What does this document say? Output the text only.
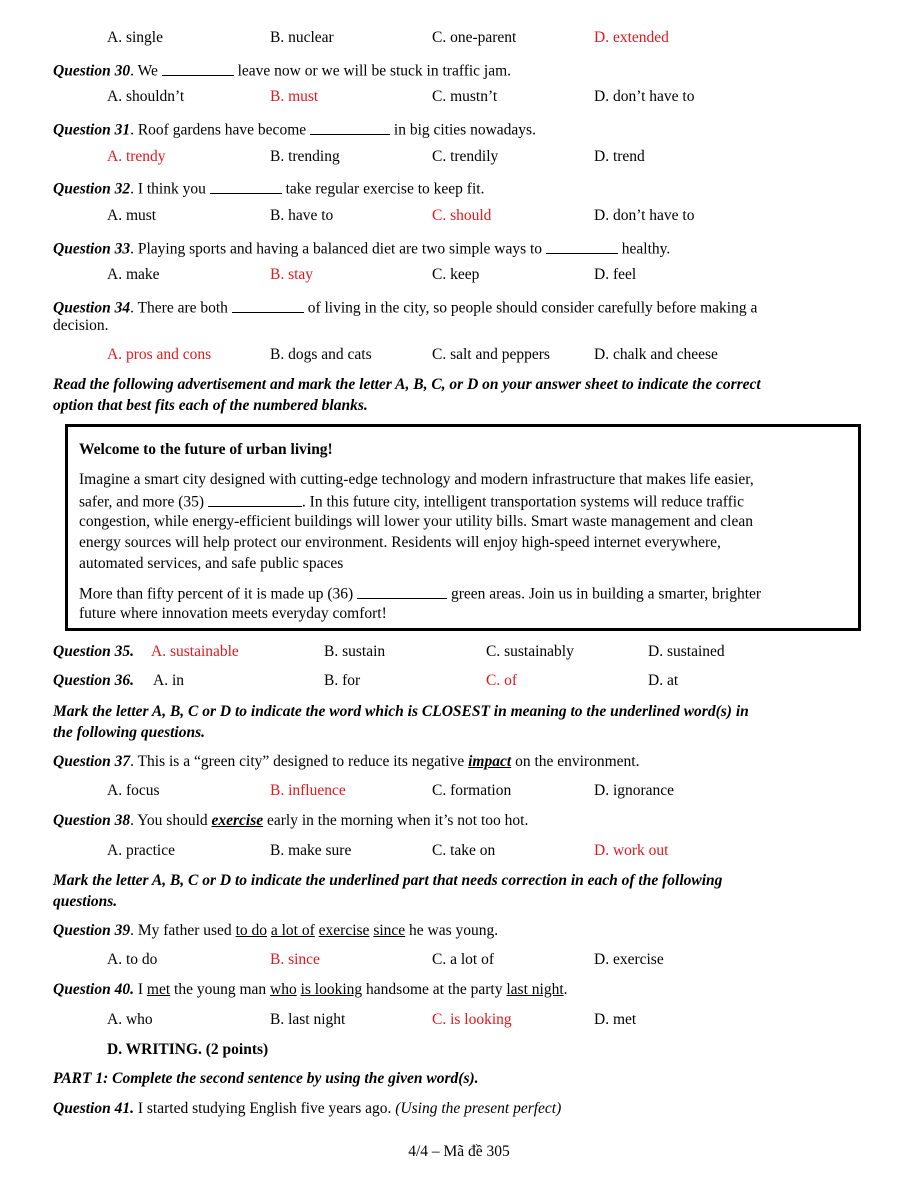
A. single	B. nuclear	C. one-parent	D. extended
Question 30. We	leave now or we will be stuck in traffic jam.
A. shouldn’t	B. must	C. mustn’t	D. don’t have to
Question 31. Roof gardens have become	in big cities nowadays.
A. trendy	B. trending	C. trendily	D. trend
Question 32. I think you	take regular exercise to keep fit.
A. must	B. have to	C. should	D. don’t have to
Question 33. Playing sports and having a balanced diet are two simple ways to	healthy.
A. make	B. stay	C. keep	D. feel
Question 34. There are both	of living in the city, so people should consider carefully before making a
decision.
A. pros and cons	B. dogs and cats	C. salt and peppers	D. chalk and cheese
Read the following advertisement and mark the letter A, B, C, or D on your answer sheet to indicate the correct
option that best fits each of the numbered blanks.
Welcome to the future of urban living!
Imagine a smart city designed with cutting-edge technology and modern infrastructure that makes life easier,
safer, and more (35)	. In this future city, intelligent transportation systems will reduce traffic
congestion, while energy-efficient buildings will lower your utility bills. Smart waste management and clean
energy sources will help protect our environment. Residents will enjoy high-speed internet everywhere,
automated services, and safe public spaces
More than fifty percent of it is made up (36)	green areas. Join us in building a smarter, brighter
future where innovation meets everyday comfort!
Question 35. A. sustainable	B. sustain	C. sustainably	D. sustained
Question 36. A. in	B. for	C. of	D. at
Mark the letter A, B, C or D to indicate the word which is CLOSEST in meaning to the underlined word(s) in
the following questions.
Question 37. This is a “green city” designed to reduce its negative impact on the environment.
A. focus	B. influence	C. formation	D. ignorance
Question 38. You should exercise early in the morning when it’s not too hot.
A. practice	B. make sure	C. take on	D. work out
Mark the letter A, B, C or D to indicate the underlined part that needs correction in each of the following
questions.
Question 39. My father used to do a lot of exercise since he was young.
A. to do	B. since	C. a lot of	D. exercise
Question 40. I met the young man who is looking handsome at the party last night.
A. who	B. last night	C. is looking	D. met
D. WRITING. (2 points)
PART 1: Complete the second sentence by using the given word(s).
Question 41. I started studying English five years ago. (Using the present perfect)
4/4 – Mã đề 305
